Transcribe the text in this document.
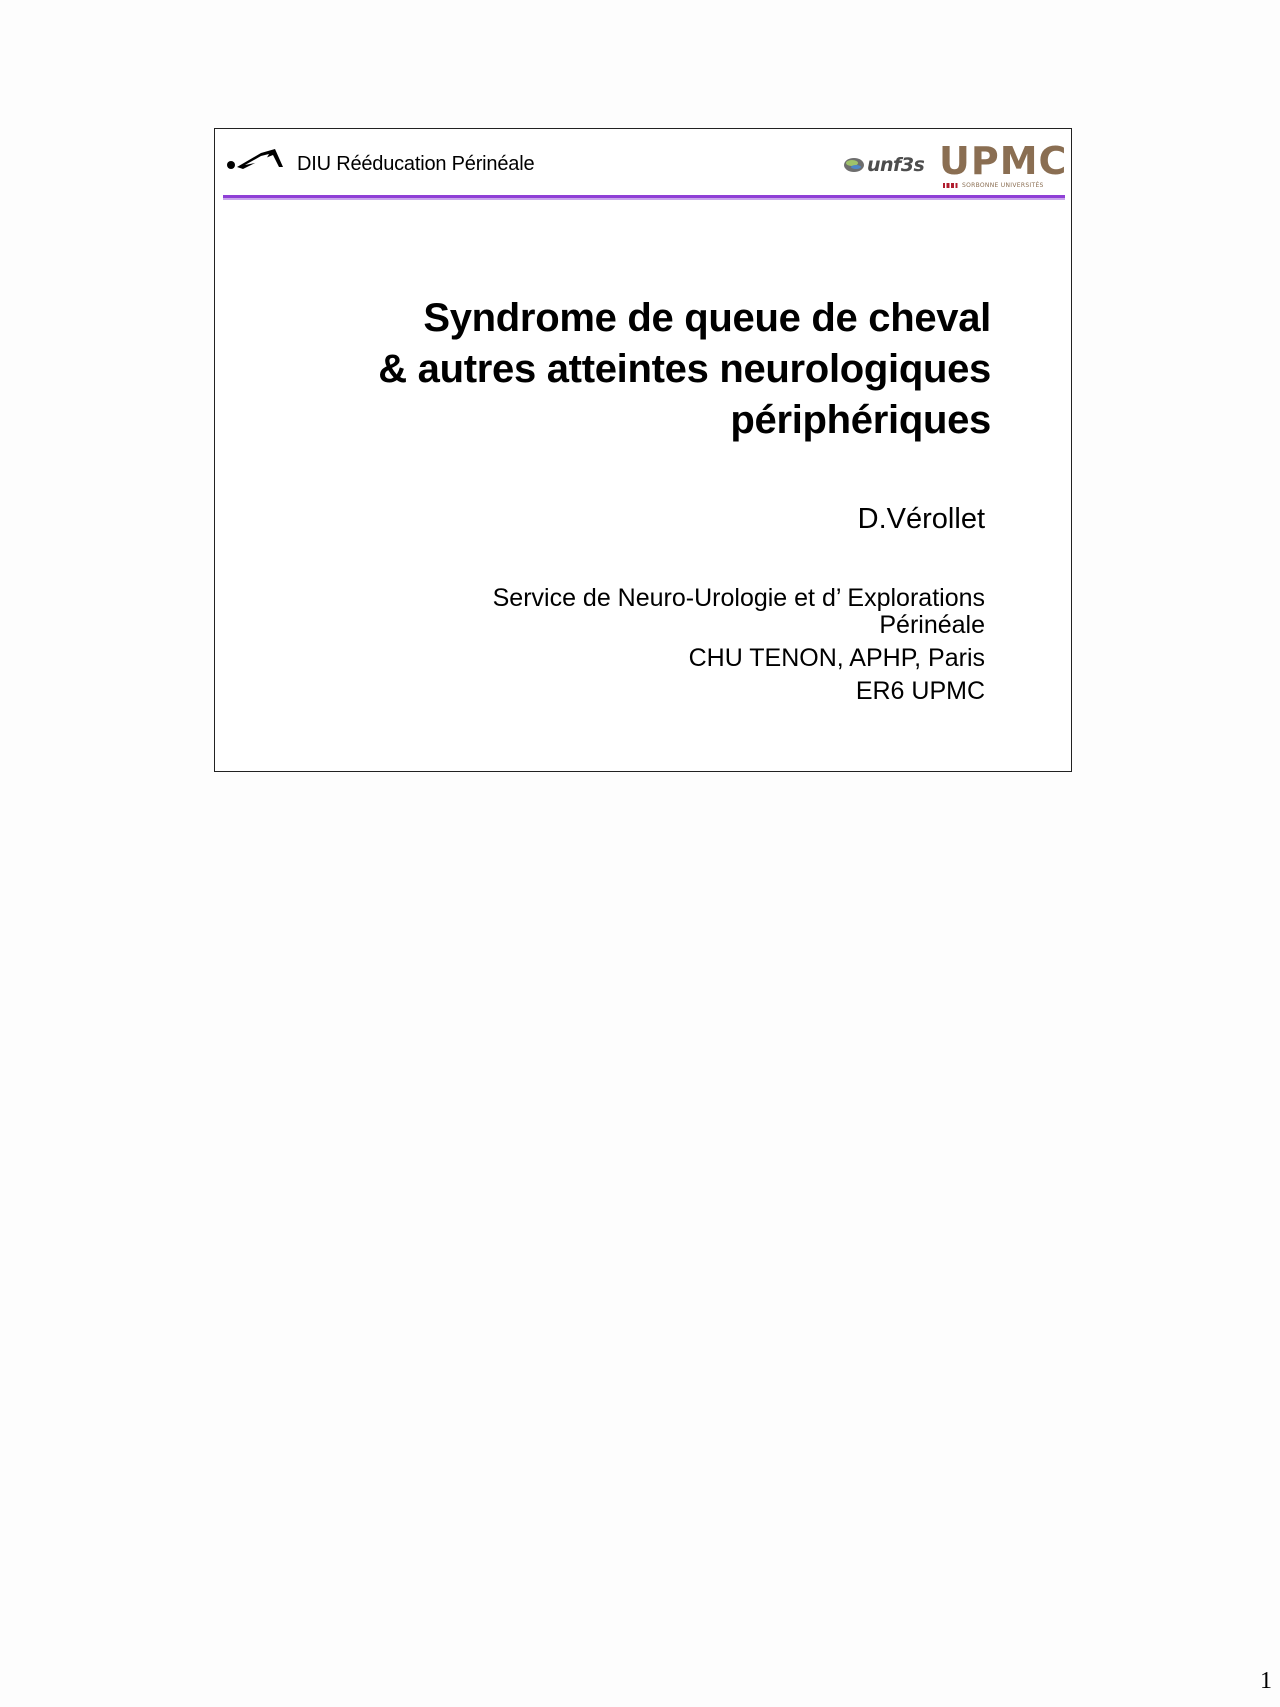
DIU Rééducation Périnéale	unf3s UPMC
SORBONNE UNIVERSITÉS
Syndrome de queue de cheval
& autres atteintes neurologiques
périphériques
D.Vérollet
Service de Neuro-Urologie et d’ Explorations
Périnéale
CHU TENON, APHP, Paris
ER6 UPMC
1
